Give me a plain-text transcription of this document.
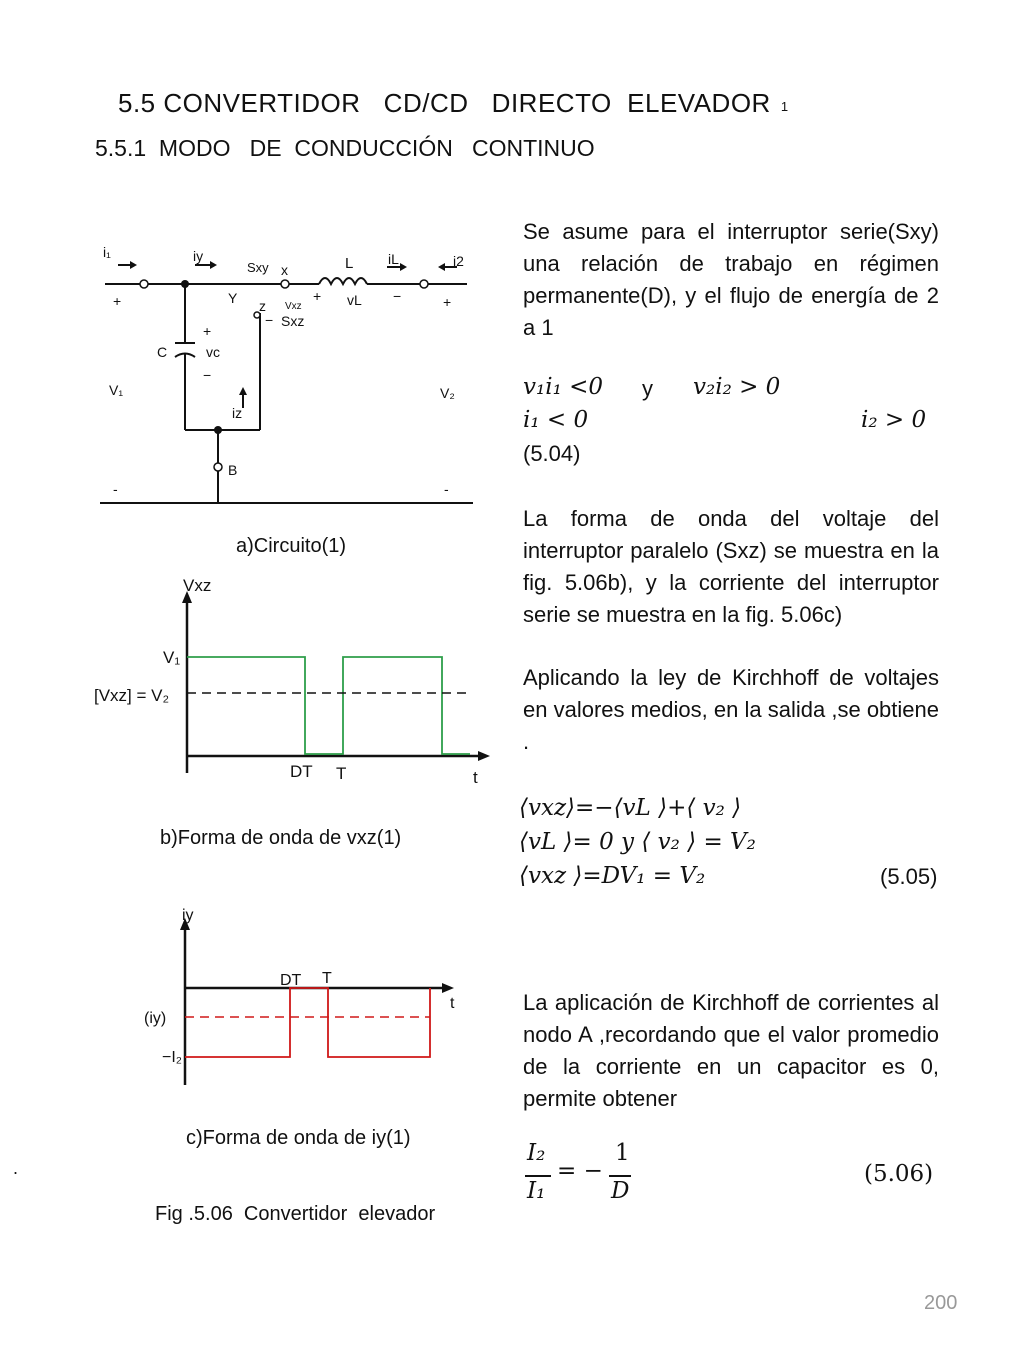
5.5 CONVERTIDOR   CD/CD   DIRECTO  ELEVADOR $^1$
5.5.1  MODO   DE  CONDUCCIÓN   CONTINUO
Se asume para el interruptor serie(Sxy) una relación de trabajo en régimen permanente(D), y el flujo de energía de 2 a 1
v₁i₁ <0 y v₂i₂ > 0
i₁ < 0	i₂ > 0
(5.04)
La forma de onda del voltaje del interruptor paralelo (Sxz) se muestra en la fig. 5.06b), y la corriente del interruptor serie se muestra en la fig. 5.06c)
Aplicando la ley de Kirchhoff de voltajes en valores medios, en la salida ,se obtiene .
⟨vxz⟩=−⟨vL ⟩+⟨ v₂ ⟩
⟨vL ⟩= 0 y ⟨ v₂ ⟩ = V₂
⟨vxz ⟩=DV₁ = V₂	(5.05)
La aplicación de Kirchhoff de corrientes al nodo A ,recordando que el valor promedio de la corriente en un capacitor es 0, permite obtener
I₂
I₁
= −
1
D
(5.06)
i₁	iy
Sxy x	L iL	i2
+	Y z Vxz
+ vL −	+
− Sxz
+
C	vc
−
V₁	V₂
iz
B
-	-
a)Circuito(1)
Vxz
V₁
[Vxz] = V₂
DT T	t
b)Forma de onda de vxz(1)
iy
DT T
t
(iy)
−I₂
c)Forma de onda de iy(1)
.
Fig .5.06  Convertidor  elevador
200
